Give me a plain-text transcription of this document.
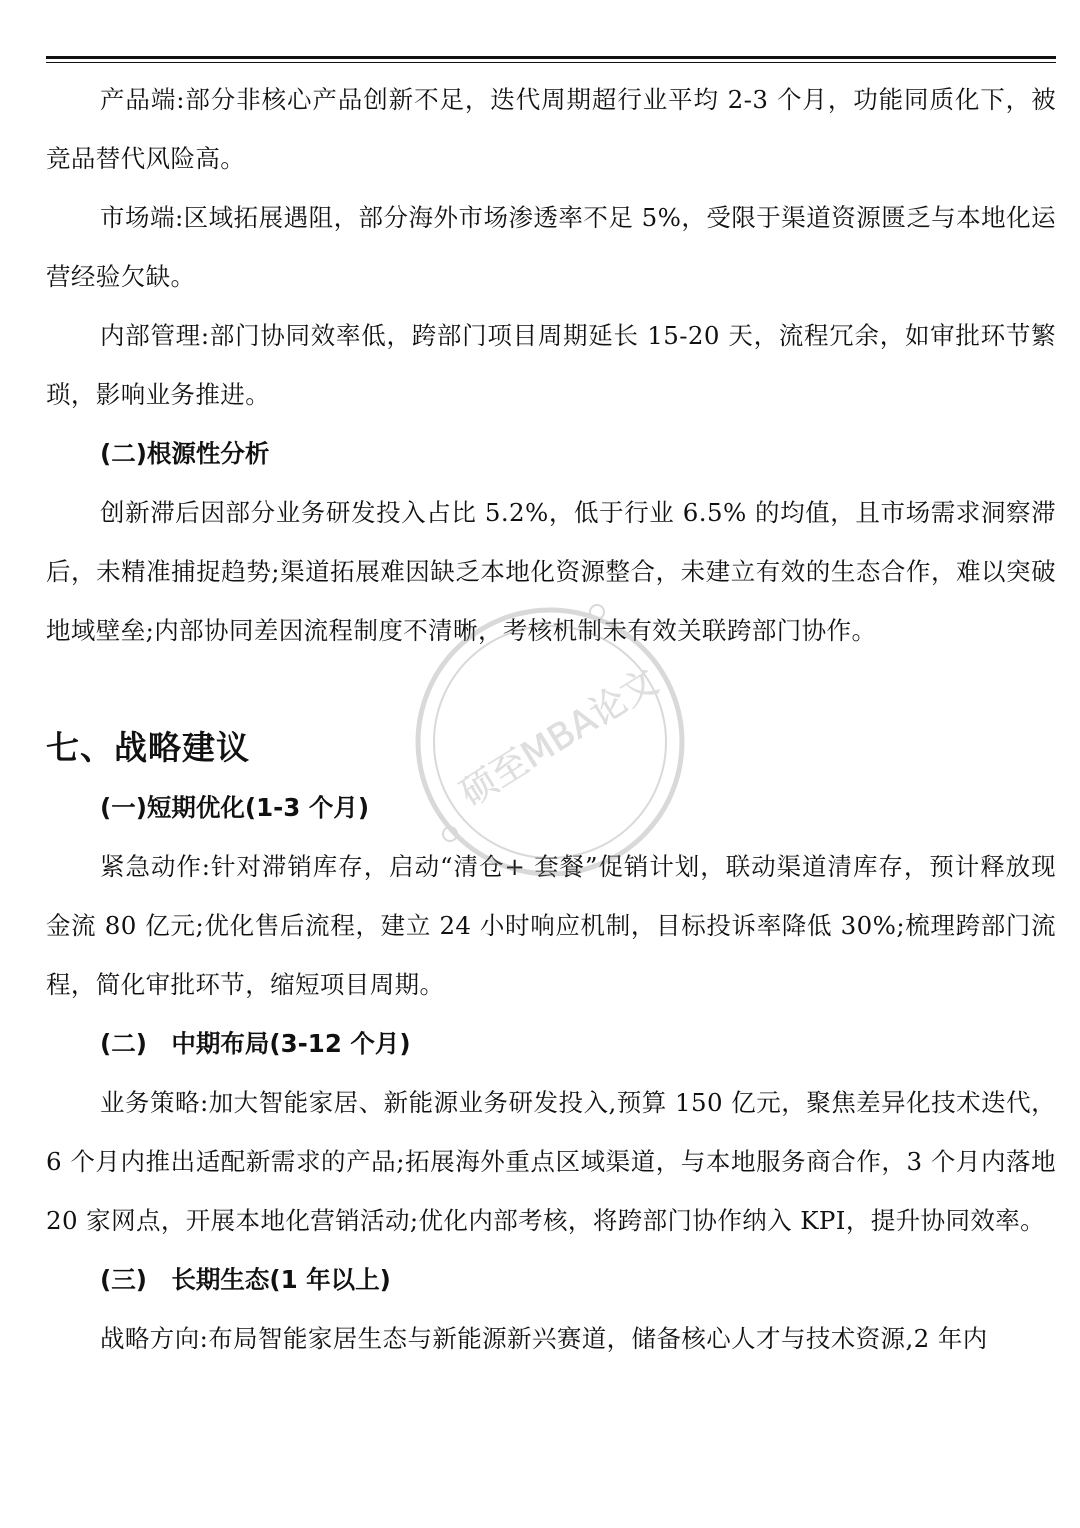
产品端:部分非核心产品创新不足，迭代周期超行业平均 2-3 个月，功能同质化下，被竞品替代风险高。

市场端:区域拓展遇阻，部分海外市场渗透率不足 5%，受限于渠道资源匮乏与本地化运营经验欠缺。

内部管理:部门协同效率低，跨部门项目周期延长 15-20 天，流程冗余，如审批环节繁琐，影响业务推进。

(二)根源性分析

创新滞后因部分业务研发投入占比 5.2%，低于行业 6.5% 的均值，且市场需求洞察滞后，未精准捕捉趋势;渠道拓展难因缺乏本地化资源整合，未建立有效的生态合作，难以突破地域壁垒;内部协同差因流程制度不清晰，考核机制未有效关联跨部门协作。

七、战略建议

(一)短期优化(1-3 个月)

紧急动作:针对滞销库存，启动“清仓+ 套餐”促销计划，联动渠道清库存，预计释放现金流 80 亿元;优化售后流程，建立 24 小时响应机制，目标投诉率降低 30%;梳理跨部门流程，简化审批环节，缩短项目周期。

(二)　中期布局(3-12 个月)

业务策略:加大智能家居、新能源业务研发投入,预算 150 亿元，聚焦差异化技术迭代，6 个月内推出适配新需求的产品;拓展海外重点区域渠道，与本地服务商合作，3 个月内落地 20 家网点，开展本地化营销活动;优化内部考核，将跨部门协作纳入 KPI，提升协同效率。

(三)　长期生态(1 年以上)

战略方向:布局智能家居生态与新能源新兴赛道，储备核心人才与技术资源,2 年内

硕至MBA论文
